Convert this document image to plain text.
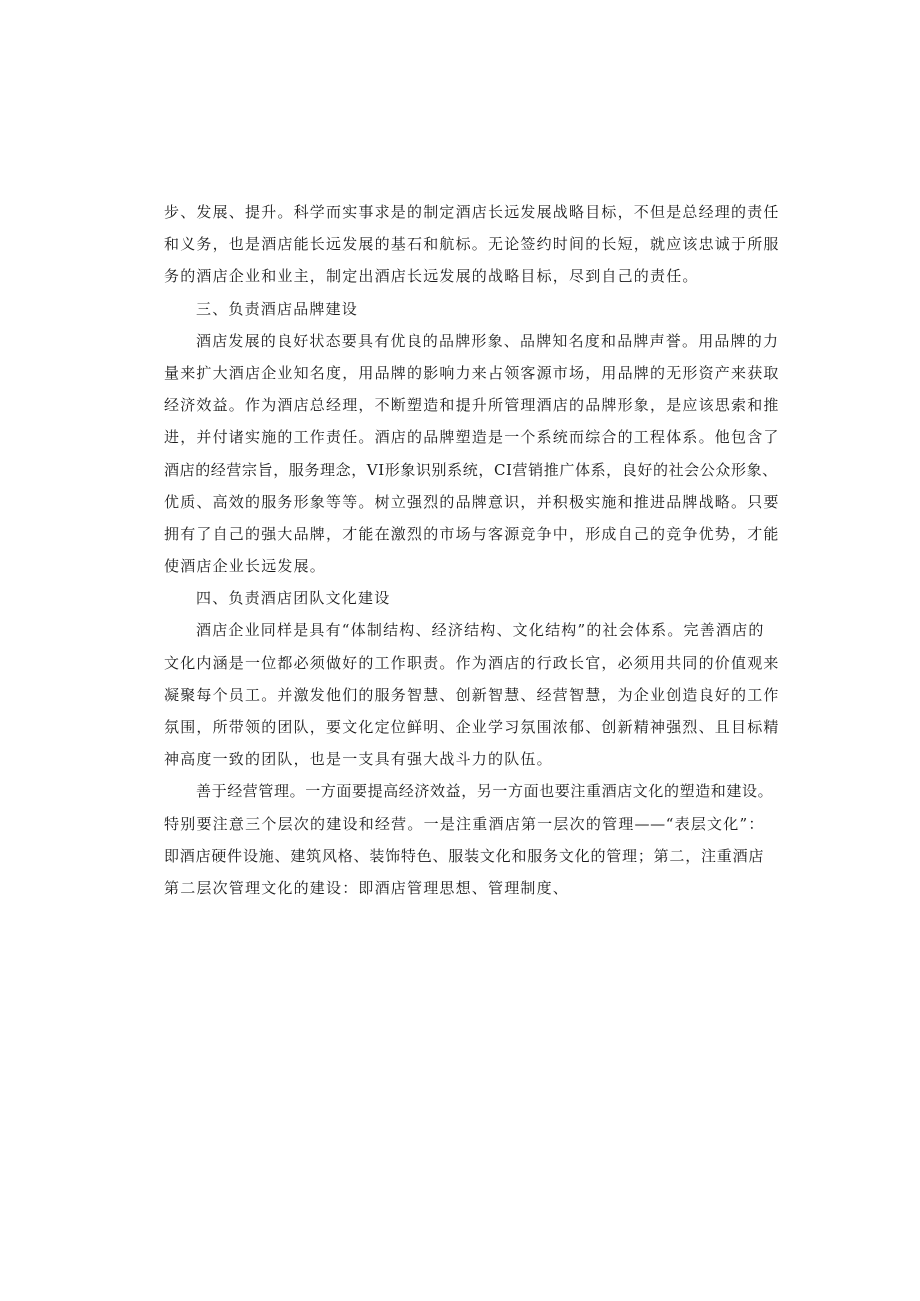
步、发展、提升。科学而实事求是的制定酒店长远发展战略目标，不但是总经理的责任
和义务，也是酒店能长远发展的基石和航标。无论签约时间的长短，就应该忠诚于所服
务的酒店企业和业主，制定出酒店长远发展的战略目标，尽到自己的责任。
三、负责酒店品牌建设
酒店发展的良好状态要具有优良的品牌形象、品牌知名度和品牌声誉。用品牌的力
量来扩大酒店企业知名度，用品牌的影响力来占领客源市场，用品牌的无形资产来获取
经济效益。作为酒店总经理，不断塑造和提升所管理酒店的品牌形象，是应该思索和推
进，并付诸实施的工作责任。酒店的品牌塑造是一个系统而综合的工程体系。他包含了
酒店的经营宗旨，服务理念，VI形象识别系统，CI营销推广体系，良好的社会公众形象、
优质、高效的服务形象等等。树立强烈的品牌意识，并积极实施和推进品牌战略。只要
拥有了自己的强大品牌，才能在激烈的市场与客源竞争中，形成自己的竞争优势，才能
使酒店企业长远发展。
四、负责酒店团队文化建设
酒店企业同样是具有“体制结构、经济结构、文化结构”的社会体系。完善酒店的
文化内涵是一位都必须做好的工作职责。作为酒店的行政长官，必须用共同的价值观来
凝聚每个员工。并激发他们的服务智慧、创新智慧、经营智慧，为企业创造良好的工作
氛围，所带领的团队，要文化定位鲜明、企业学习氛围浓郁、创新精神强烈、且目标精
神高度一致的团队，也是一支具有强大战斗力的队伍。
善于经营管理。一方面要提高经济效益，另一方面也要注重酒店文化的塑造和建设。
特别要注意三个层次的建设和经营。一是注重酒店第一层次的管理——“表层文化”：
即酒店硬件设施、建筑风格、装饰特色、服装文化和服务文化的管理；第二，注重酒店
第二层次管理文化的建设：即酒店管理思想、管理制度、
